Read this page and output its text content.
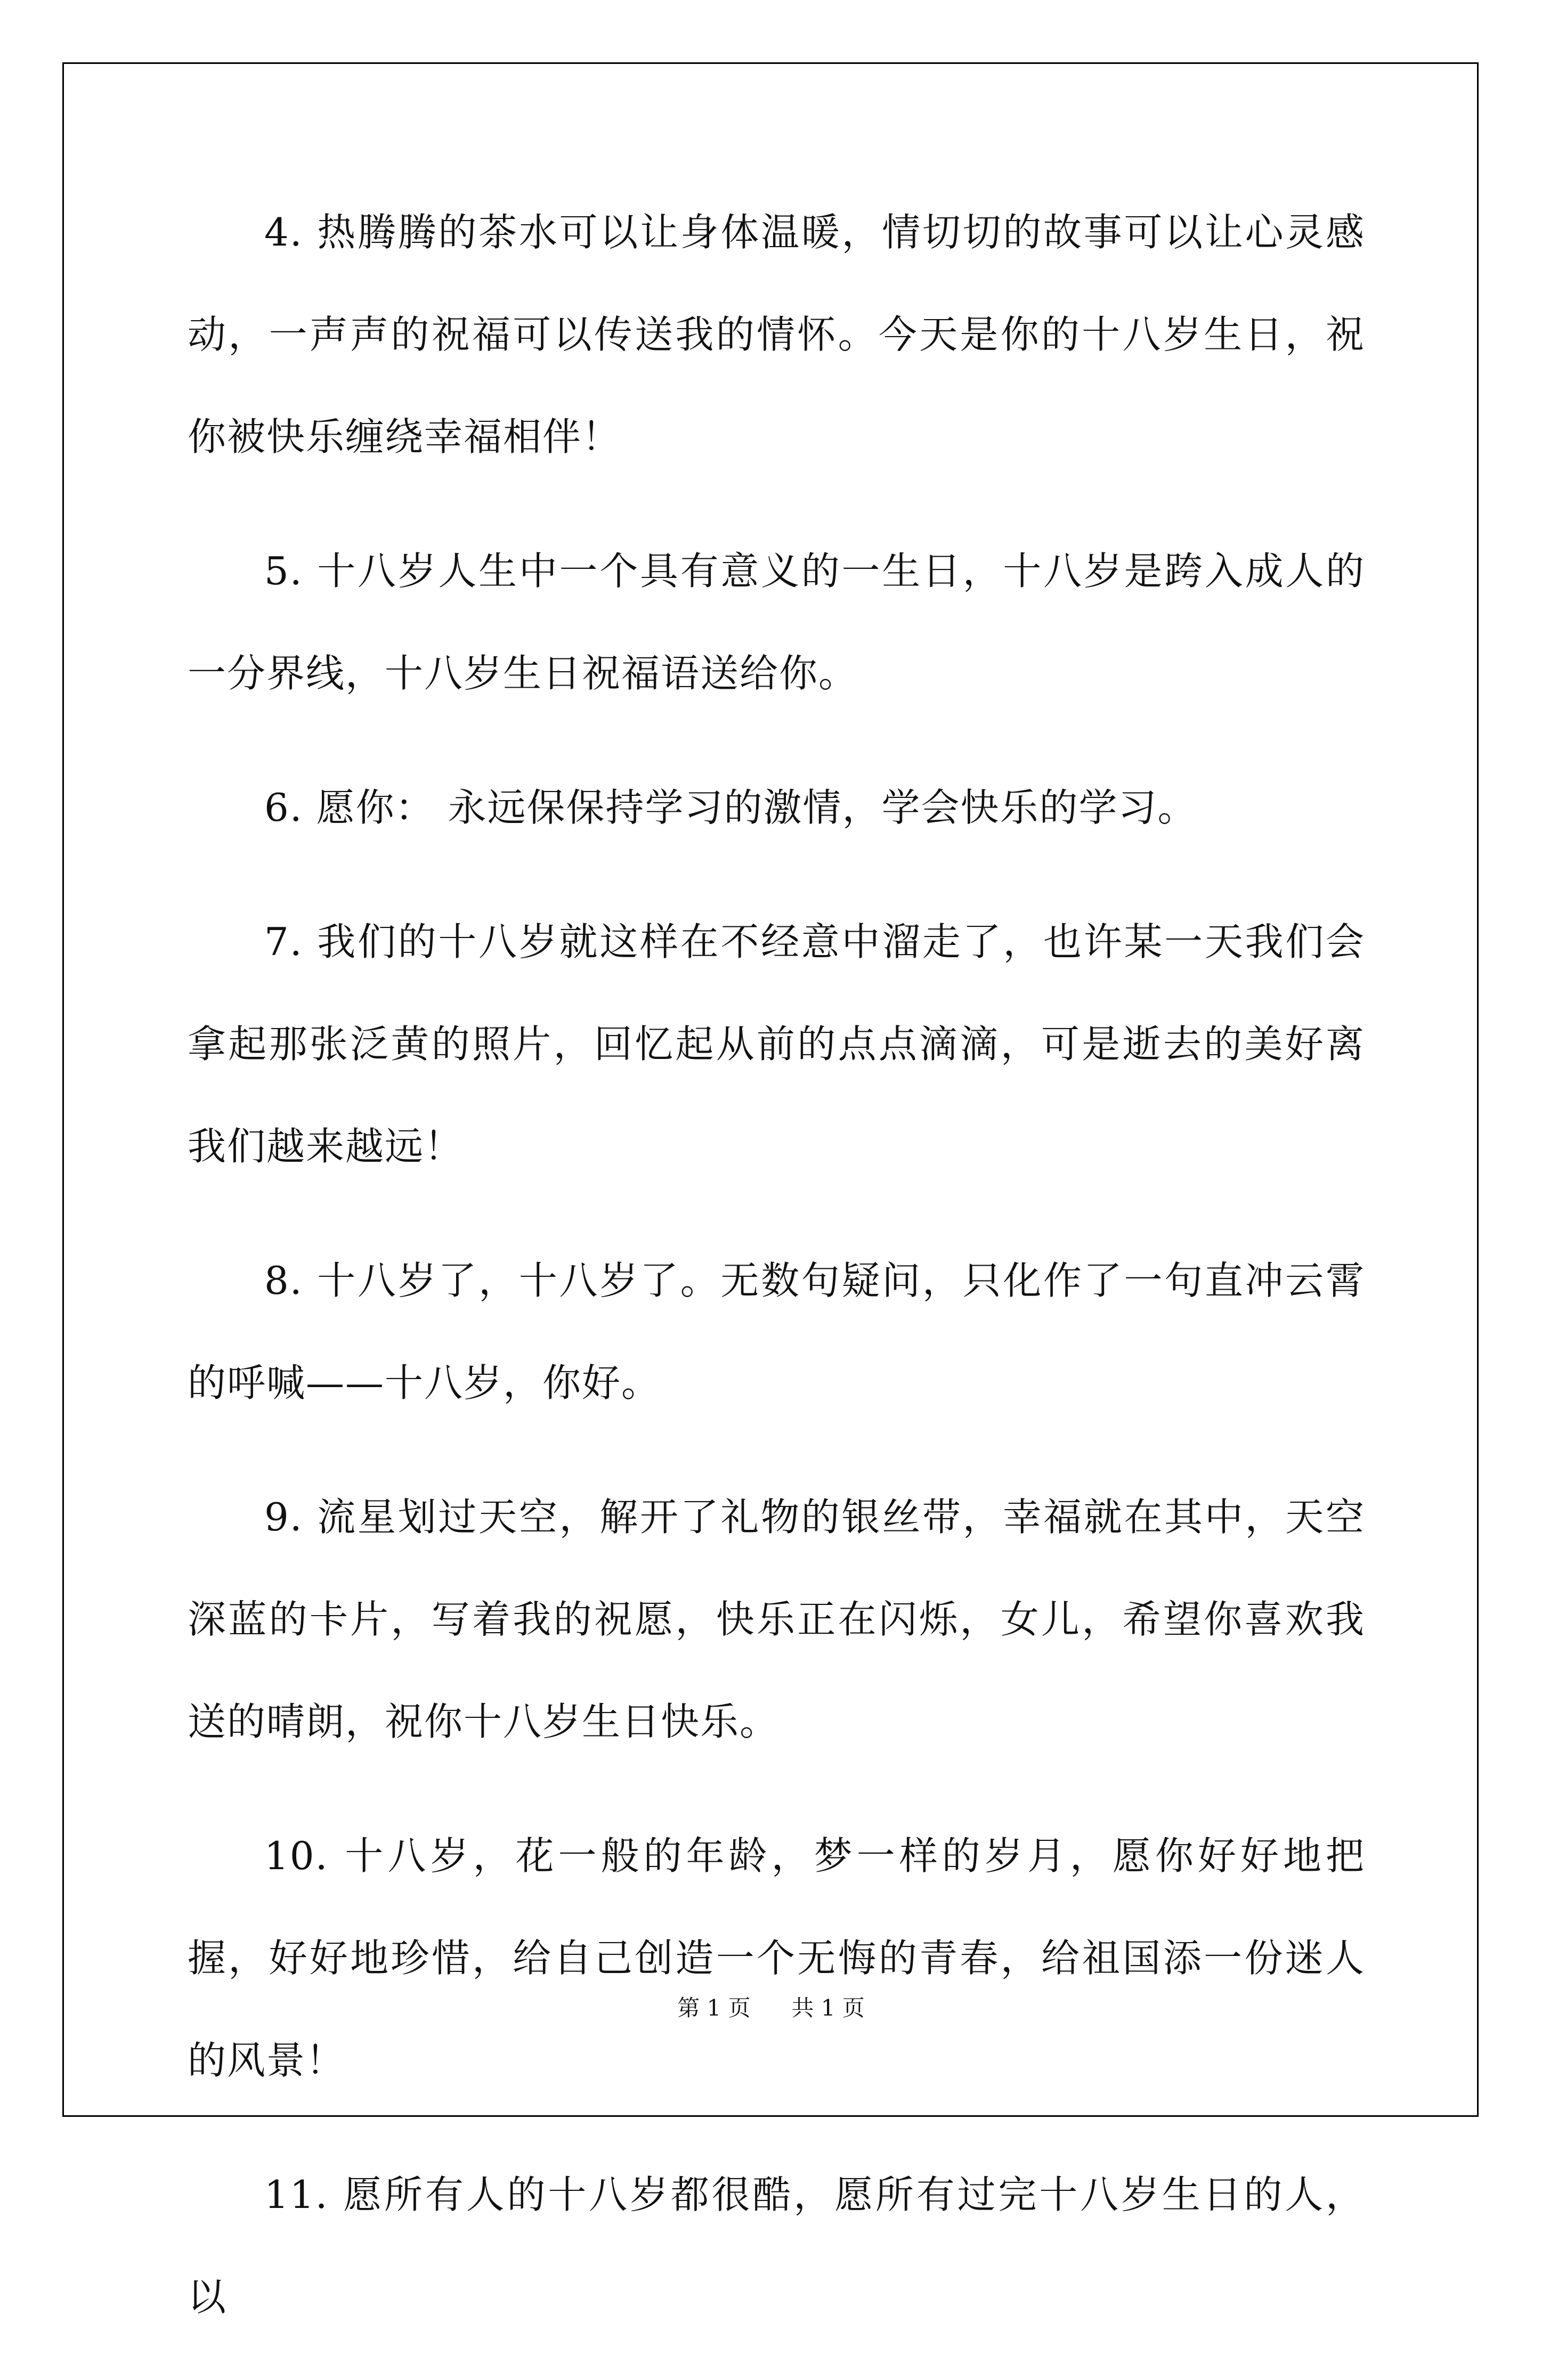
4. 热腾腾的茶水可以让身体温暖，情切切的故事可以让心灵感动，一声声的祝福可以传送我的情怀。今天是你的十八岁生日，祝你被快乐缠绕幸福相伴！

5. 十八岁人生中一个具有意义的一生日，十八岁是跨入成人的一分界线，十八岁生日祝福语送给你。

6. 愿你： 永远保保持学习的激情，学会快乐的学习。

7. 我们的十八岁就这样在不经意中溜走了，也许某一天我们会拿起那张泛黄的照片，回忆起从前的点点滴滴，可是逝去的美好离我们越来越远！

8. 十八岁了，十八岁了。无数句疑问，只化作了一句直冲云霄的呼喊——十八岁，你好。

9. 流星划过天空，解开了礼物的银丝带，幸福就在其中，天空深蓝的卡片，写着我的祝愿，快乐正在闪烁，女儿，希望你喜欢我送的晴朗，祝你十八岁生日快乐。

10. 十八岁，花一般的年龄，梦一样的岁月，愿你好好地把握，好好地珍惜，给自己创造一个无悔的青春，给祖国添一份迷人的风景！

11. 愿所有人的十八岁都很酷，愿所有过完十八岁生日的人，以

第 1 页 共 1 页
